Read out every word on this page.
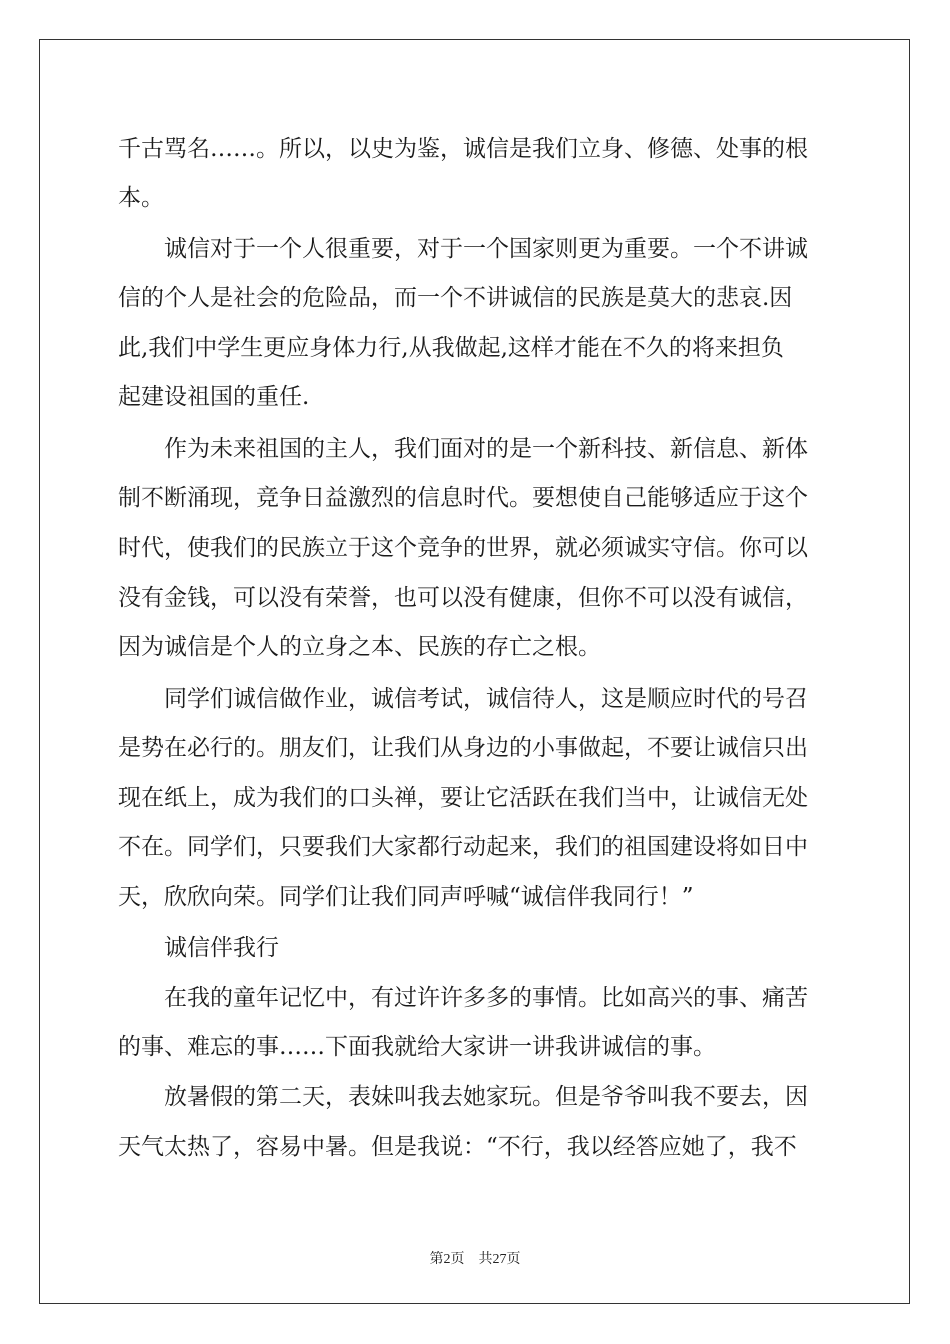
千古骂名……。所以，以史为鉴，诚信是我们立身、修德、处事的根

本。

　　诚信对于一个人很重要，对于一个国家则更为重要。一个不讲诚

信的个人是社会的危险品，而一个不讲诚信的民族是莫大的悲哀.因

此,我们中学生更应身体力行,从我做起,这样才能在不久的将来担负

起建设祖国的重任.

　　作为未来祖国的主人，我们面对的是一个新科技、新信息、新体

制不断涌现，竞争日益激烈的信息时代。要想使自己能够适应于这个

时代，使我们的民族立于这个竞争的世界，就必须诚实守信。你可以

没有金钱，可以没有荣誉，也可以没有健康，但你不可以没有诚信，

因为诚信是个人的立身之本、民族的存亡之根。

　　同学们诚信做作业，诚信考试，诚信待人，这是顺应时代的号召

是势在必行的。朋友们，让我们从身边的小事做起，不要让诚信只出

现在纸上，成为我们的口头禅，要让它活跃在我们当中，让诚信无处

不在。同学们，只要我们大家都行动起来，我们的祖国建设将如日中

天，欣欣向荣。同学们让我们同声呼喊“诚信伴我同行！”

　　诚信伴我行

　　在我的童年记忆中，有过许许多多的事情。比如高兴的事、痛苦

的事、难忘的事……下面我就给大家讲一讲我讲诚信的事。

　　放暑假的第二天，表妹叫我去她家玩。但是爷爷叫我不要去，因

天气太热了，容易中暑。但是我说：“不行，我以经答应她了，我不

第2页 共27页
